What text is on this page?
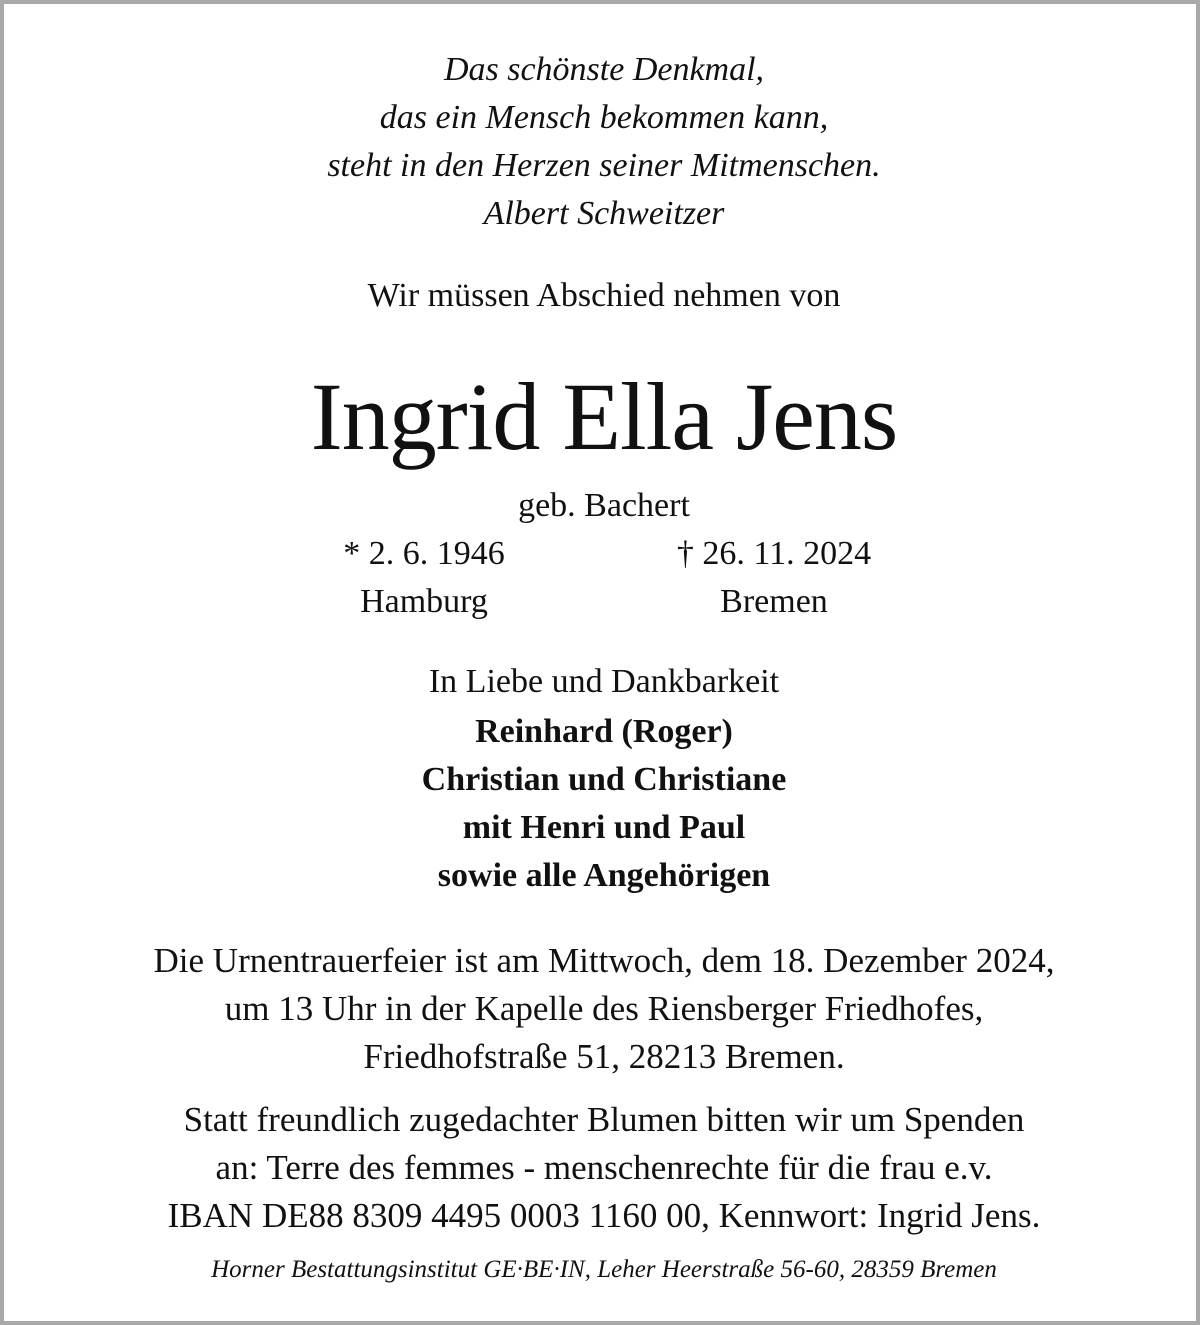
Das schönste Denkmal,
das ein Mensch bekommen kann,
steht in den Herzen seiner Mitmenschen.
Albert Schweitzer
Wir müssen Abschied nehmen von
Ingrid Ella Jens
geb. Bachert
* 2. 6. 1946
Hamburg
† 26. 11. 2024
Bremen
In Liebe und Dankbarkeit
Reinhard (Roger)
Christian und Christiane
mit Henri und Paul
sowie alle Angehörigen
Die Urnentrauerfeier ist am Mittwoch, dem 18. Dezember 2024,
um 13 Uhr in der Kapelle des Riensberger Friedhofes,
Friedhofstraße 51, 28213 Bremen.
Statt freundlich zugedachter Blumen bitten wir um Spenden
an: Terre des femmes - menschenrechte für die frau e.v.
IBAN DE88 8309 4495 0003 1160 00, Kennwort: Ingrid Jens.
Horner Bestattungsinstitut GE·BE·IN, Leher Heerstraße 56-60, 28359 Bremen
